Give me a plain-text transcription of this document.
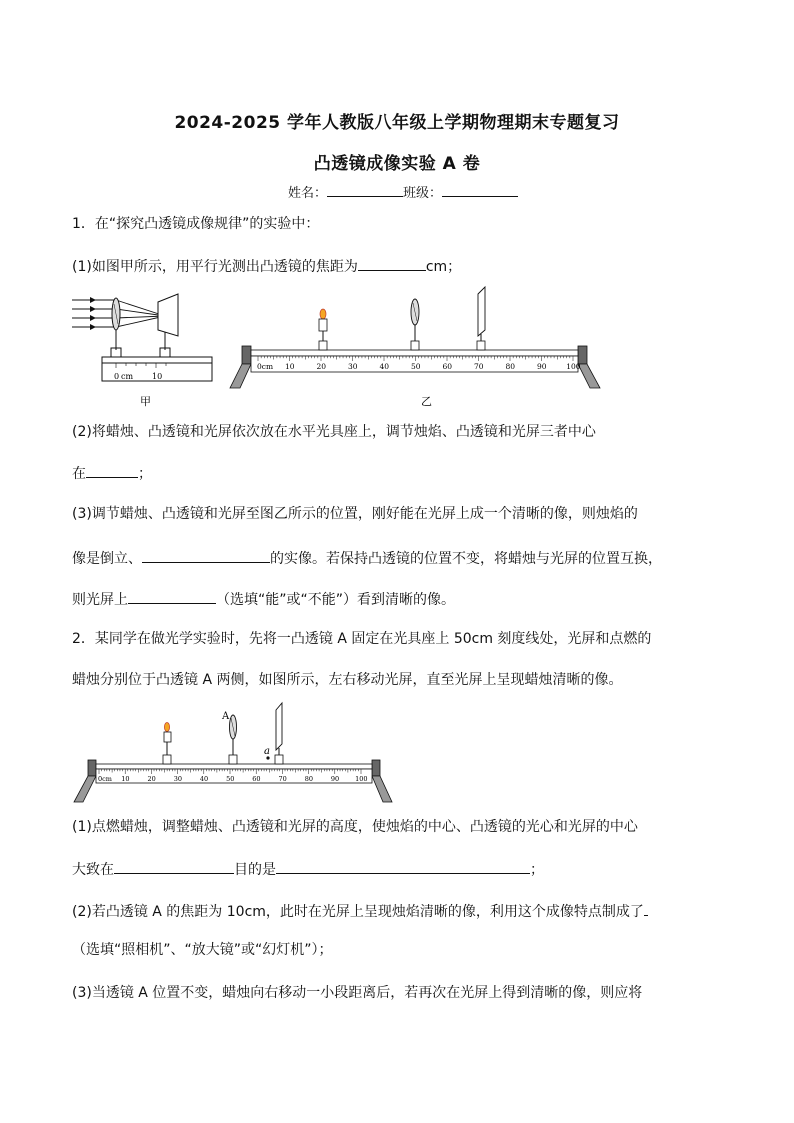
2024-2025 学年人教版八年级上学期物理期末专题复习
凸透镜成像实验 A 卷
姓名：	班级：
1．在“探究凸透镜成像规律”的实验中：
(1)如图甲所示，用平行光测出凸透镜的焦距为	cm；
0 cm 10
甲	乙
0cm 10	20	30	40	50	60	70	80	90	100
(2)将蜡烛、凸透镜和光屏依次放在水平光具座上，调节烛焰、凸透镜和光屏三者中心
在	；
(3)调节蜡烛、凸透镜和光屏至图乙所示的位置，刚好能在光屏上成一个清晰的像，则烛焰的
像是倒立、	的实像。若保持凸透镜的位置不变，将蜡烛与光屏的位置互换，
则光屏上	（选填“能”或“不能”）看到清晰的像。
2．某同学在做光学实验时，先将一凸透镜 A 固定在光具座上 50cm 刻度线处，光屏和点燃的
蜡烛分别位于凸透镜 A 两侧，如图所示，左右移动光屏，直至光屏上呈现蜡烛清晰的像。
A
a
0cm 10	20	30	40	50	60	70	80	90 100
(1)点燃蜡烛，调整蜡烛、凸透镜和光屏的高度，使烛焰的中心、凸透镜的光心和光屏的中心
大致在	目的是	；
(2)若凸透镜 A 的焦距为 10cm，此时在光屏上呈现烛焰清晰的像，利用这个成像特点制成了
（选填“照相机”、“放大镜”或“幻灯机”）；
(3)当透镜 A 位置不变，蜡烛向右移动一小段距离后，若再次在光屏上得到清晰的像，则应将
